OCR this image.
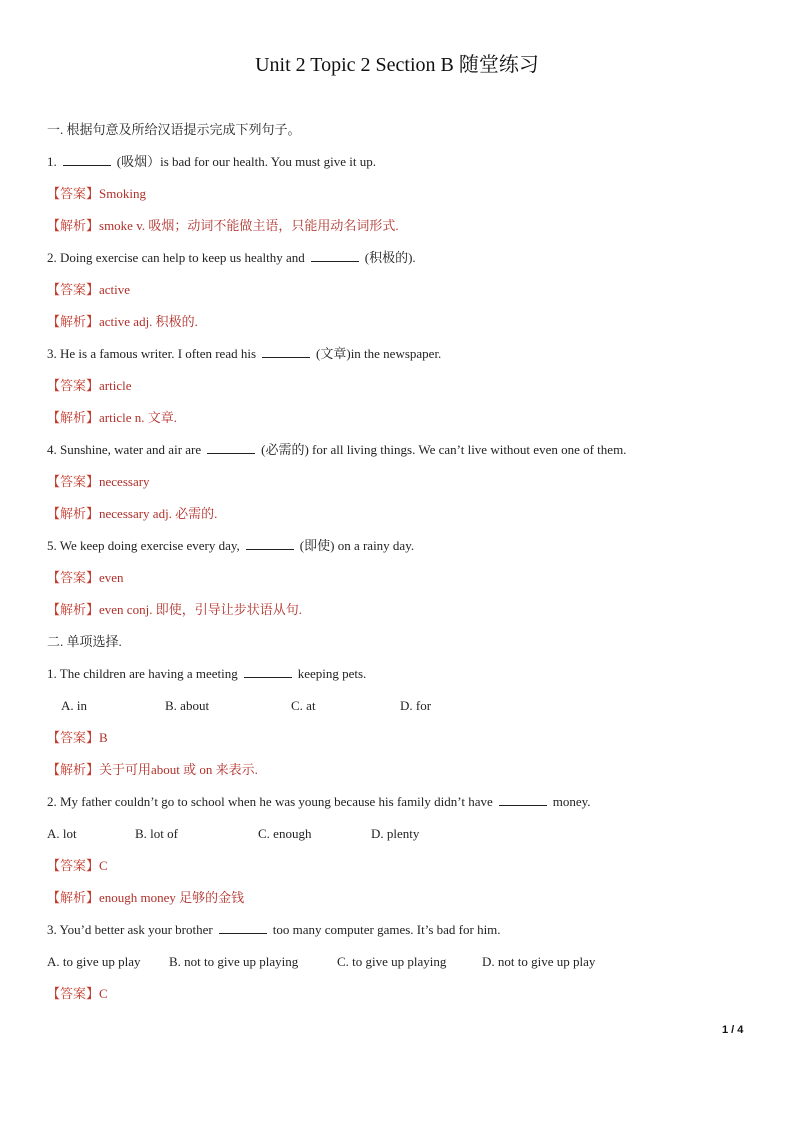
Unit 2 Topic 2 Section B 随堂练习
一. 根据句意及所给汉语提示完成下列句子。
1.	(吸烟）is bad for our health. You must give it up.
【答案】Smoking
【解析】smoke v. 吸烟；动词不能做主语，只能用动名词形式.
2. Doing exercise can help to keep us healthy and	(积极的).
【答案】active
【解析】active adj. 积极的.
3. He is a famous writer. I often read his	(文章)in the newspaper.
【答案】article
【解析】article n. 文章.
4. Sunshine, water and air are	(必需的) for all living things. We can’t live without even one of them.
【答案】necessary
【解析】necessary adj. 必需的.
5. We keep doing exercise every day,	(即使) on a rainy day.
【答案】even
【解析】even conj. 即使，引导让步状语从句.
二. 单项选择.
1. The children are having a meeting	keeping pets.
A. in	B. about	C. at	D. for
【答案】B
【解析】关于可用about 或 on 来表示.
2. My father couldn’t go to school when he was young because his family didn’t have	money.
A. lot	B. lot of	C. enough	D. plenty
【答案】C
【解析】enough money 足够的金钱
3. You’d better ask your brother	too many computer games. It’s bad for him.
A. to give up play	B. not to give up playing	C. to give up playing	D. not to give up play
【答案】C
1 / 4
